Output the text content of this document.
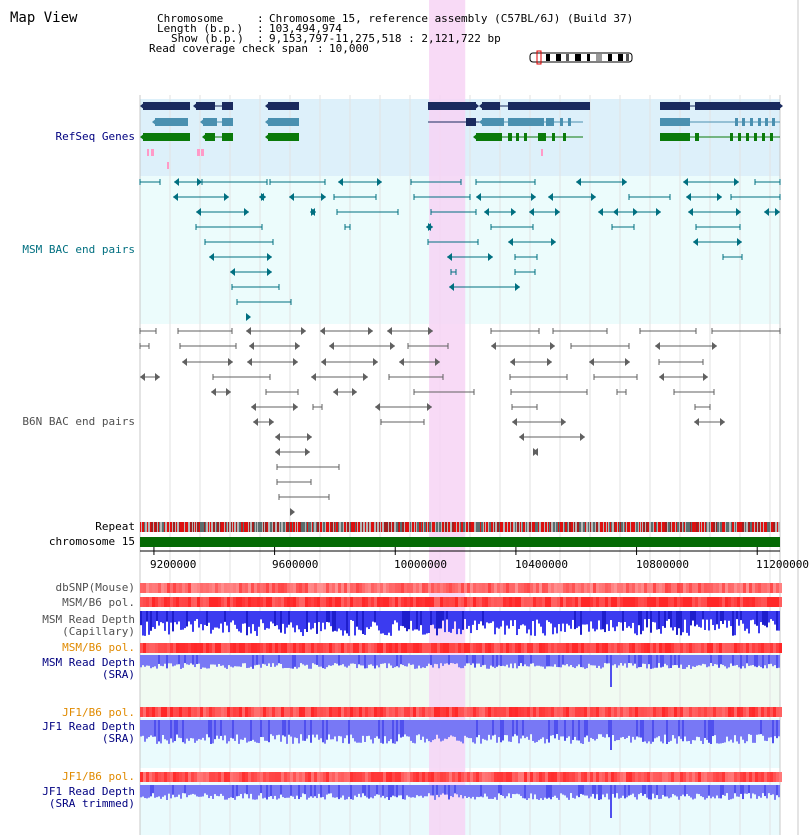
Map View	Chromosome	: Chromosome 15, reference assembly (C57BL/6J) (Build 37)
Length (b.p.) : 103,494,974
Show (b.p.) : 9,153,797-11,275,518 : 2,121,722 bp
Read coverage check span : 10,000
RefSeq Genes
MSM BAC end pairs
B6N BAC end pairs
Repeat
chromosome 15
dbSNP(Mouse)
MSM/B6 pol.
MSM Read Depth
(Capillary)
MSM/B6 pol.
MSM Read Depth
(SRA)
JF1/B6 pol.
JF1 Read Depth
(SRA)
JF1/B6 pol.
JF1 Read Depth
(SRA trimmed)
9200000	9600000	10000000	10400000	10800000	11200000
